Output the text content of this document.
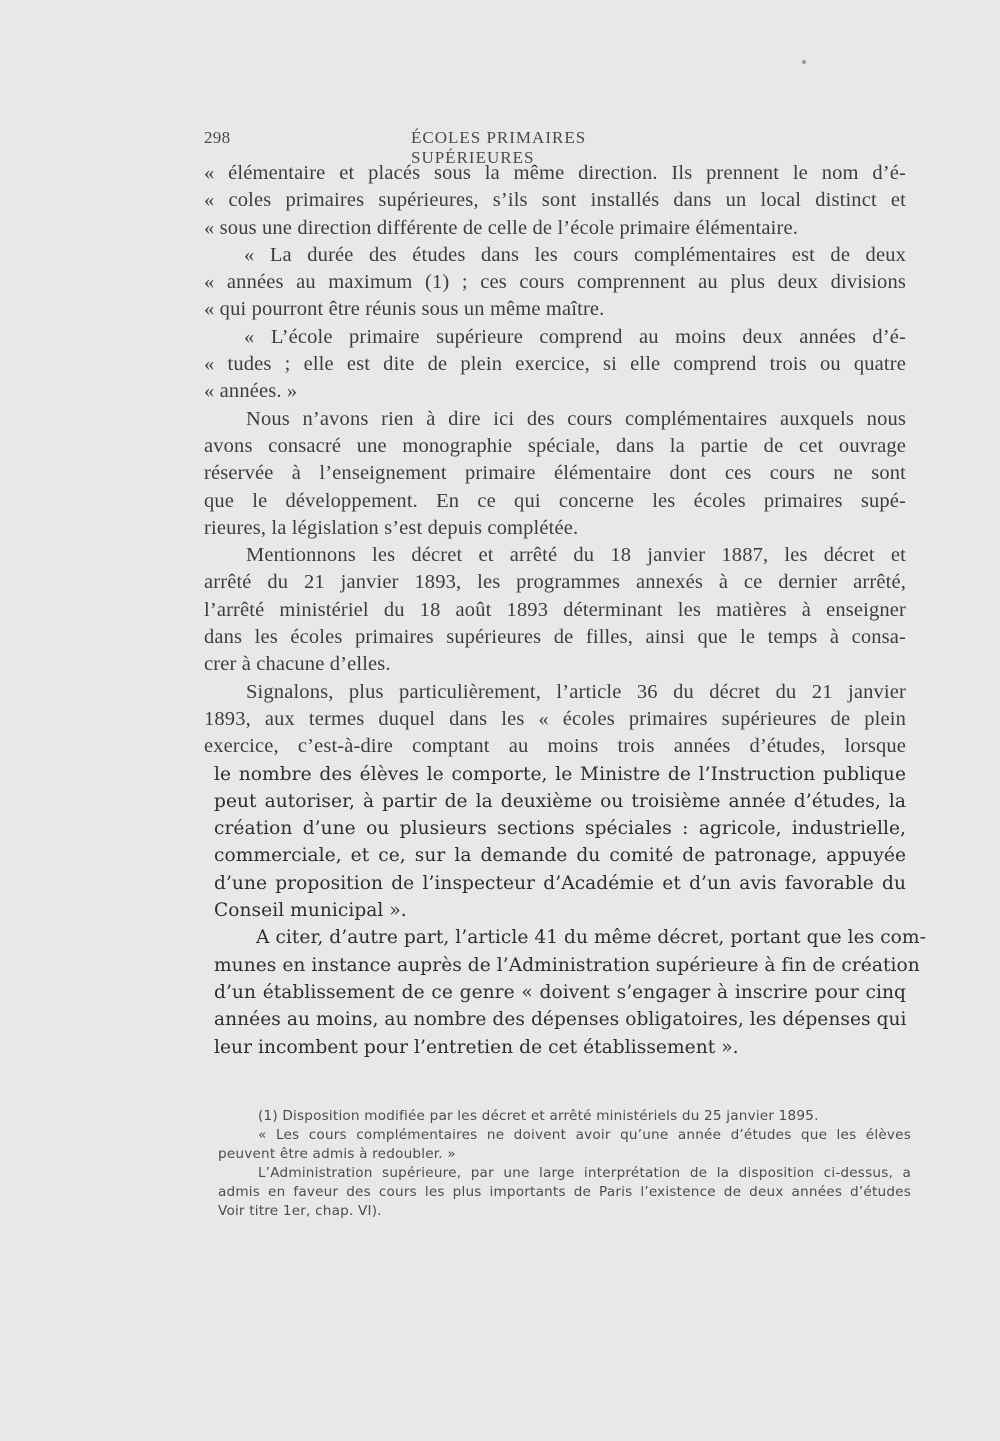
298	ÉCOLES PRIMAIRES SUPÉRIEURES
« élémentaire et placés sous la même direction. Ils prennent le nom d’é-
« coles primaires supérieures, s’ils sont installés dans un local distinct et
« sous une direction différente de celle de l’école primaire élémentaire.
« La durée des études dans les cours complémentaires est de deux
« années au maximum (1) ; ces cours comprennent au plus deux divisions
« qui pourront être réunis sous un même maître.
« L’école primaire supérieure comprend au moins deux années d’é-
« tudes ; elle est dite de plein exercice, si elle comprend trois ou quatre
« années. »
Nous n’avons rien à dire ici des cours complémentaires auxquels nous
avons consacré une monographie spéciale, dans la partie de cet ouvrage
réservée à l’enseignement primaire élémentaire dont ces cours ne sont
que le développement. En ce qui concerne les écoles primaires supé-
rieures, la législation s’est depuis complétée.
Mentionnons les décret et arrêté du 18 janvier 1887, les décret et
arrêté du 21 janvier 1893, les programmes annexés à ce dernier arrêté,
l’arrêté ministériel du 18 août 1893 déterminant les matières à enseigner
dans les écoles primaires supérieures de filles, ainsi que le temps à consa-
crer à chacune d’elles.
Signalons, plus particulièrement, l’article 36 du décret du 21 janvier
1893, aux termes duquel dans les « écoles primaires supérieures de plein
exercice, c’est-à-dire comptant au moins trois années d’études, lorsque
le nombre des élèves le comporte, le Ministre de l’Instruction publique
peut autoriser, à partir de la deuxième ou troisième année d’études, la
création d’une ou plusieurs sections spéciales : agricole, industrielle,
commerciale, et ce, sur la demande du comité de patronage, appuyée
d’une proposition de l’inspecteur d’Académie et d’un avis favorable du
Conseil municipal ».
A citer, d’autre part, l’article 41 du même décret, portant que les com-
munes en instance auprès de l’Administration supérieure à fin de création
d’un établissement de ce genre « doivent s’engager à inscrire pour cinq
années au moins, au nombre des dépenses obligatoires, les dépenses qui
leur incombent pour l’entretien de cet établissement ».
(1) Disposition modifiée par les décret et arrêté ministériels du 25 janvier 1895.
« Les cours complémentaires ne doivent avoir qu’une année d’études que les élèves
peuvent être admis à redoubler. »
L’Administration supérieure, par une large interprétation de la disposition ci-dessus, a
admis en faveur des cours les plus importants de Paris l’existence de deux années d’études
Voir titre 1er, chap. VI).
